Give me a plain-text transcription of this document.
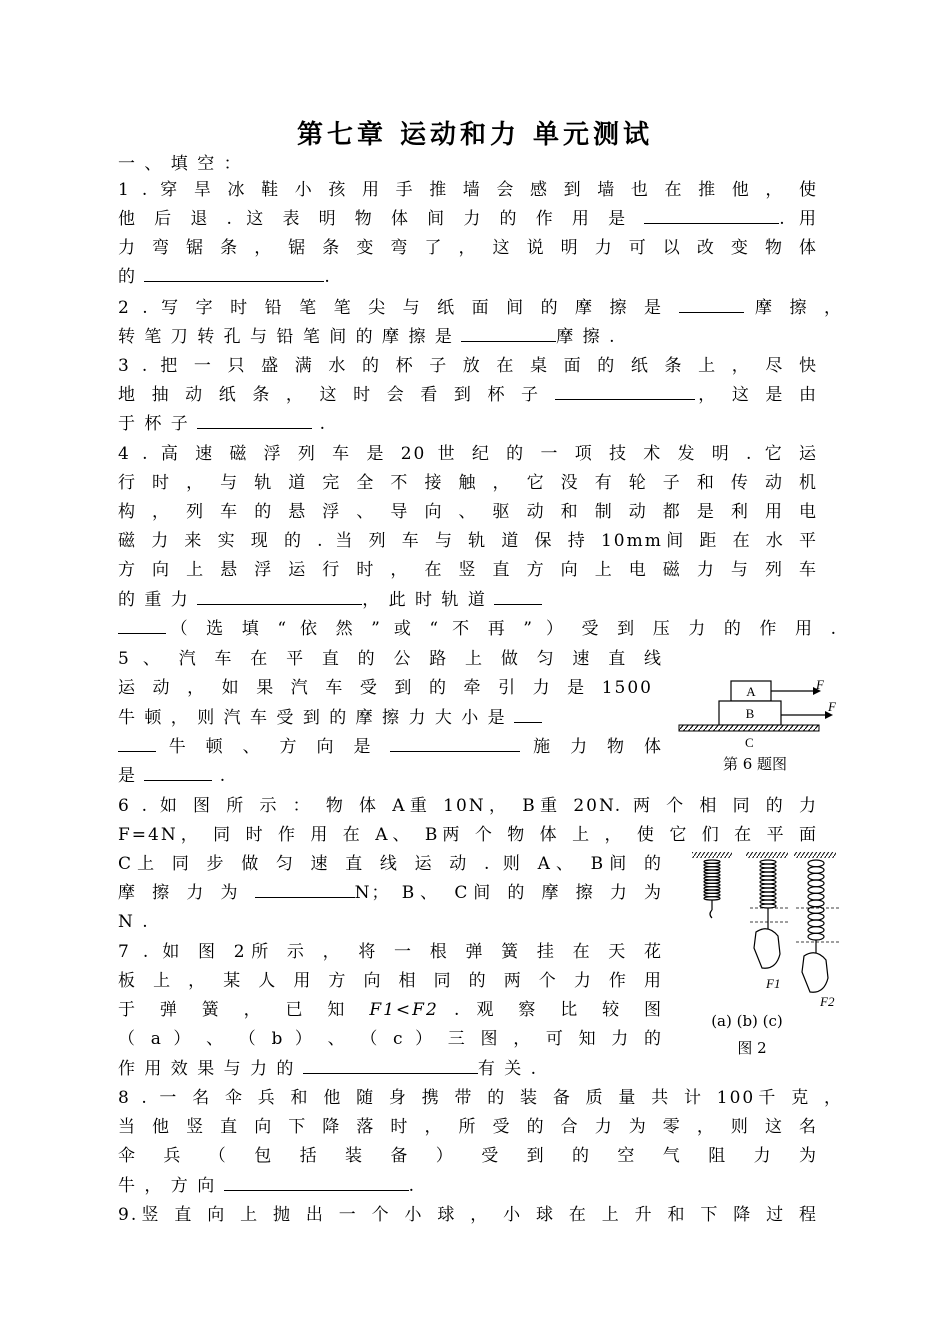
第七章 运动和力 单元测试
一 、 填 空 ：
1 . 穿 旱 冰 鞋 小 孩 用 手 推 墙 会 感 到 墙 也 在 推 他 ， 使
他 后 退 . 这 表 明 物 体 间 力 的 作 用 是	. 用
力 弯 锯 条 ， 锯 条 变 弯 了 ， 这 说 明 力 可 以 改 变 物 体
的	.
2 . 写 字 时 铅 笔 笔 尖 与 纸 面 间 的 摩 擦 是	摩 擦 ，
转 笔 刀 转 孔 与 铅 笔 间 的 摩 擦 是	摩 擦 .
3 . 把 一 只 盛 满 水 的 杯 子 放 在 桌 面 的 纸 条 上 ， 尽 快
地 抽 动 纸 条 ， 这 时 会 看 到 杯 子	， 这 是 由
于 杯 子	.
4 . 高 速 磁 浮 列 车 是 20 世 纪 的 一 项 技 术 发 明 . 它 运
行 时 ， 与 轨 道 完 全 不 接 触 ， 它 没 有 轮 子 和 传 动 机
构 ， 列 车 的 悬 浮 、 导 向 、 驱 动 和 制 动 都 是 利 用 电
磁 力 来 实 现 的 . 当 列 车 与 轨 道 保 持 10mm间 距 在 水 平
方 向 上 悬 浮 运 行 时 ， 在 竖 直 方 向 上 电 磁 力 与 列 车
的 重 力	， 此 时 轨 道
（ 选 填 “ 依 然 ” 或 “ 不 再 ” ） 受 到 压 力 的 作 用 .
5 、 汽 车 在 平 直 的 公 路 上 做 匀 速 直 线
运 动 ， 如 果 汽 车 受 到 的 牵 引 力 是 1500
牛 顿 ， 则 汽 车 受 到 的 摩 擦 力 大 小 是
牛 顿 、 方 向 是	施 力 物 体
是	.
A
B
F
F
C
第 6 题图
6 . 如 图 所 示 ： 物 体 A重 10N， B重 20N. 两 个 相 同 的 力
F=4N， 同 时 作 用 在 A、 B两 个 物 体 上 ， 使 它 们 在 平 面
C上 同 步 做 匀 速 直 线 运 动 . 则 A、 B间 的
摩 擦 力 为	N； B、 C间 的 摩 擦 力 为
N .
F1
F2
(a) (b) (c)
图 2
7 . 如 图 2所 示 ， 将 一 根 弹 簧 挂 在 天 花
板 上 ， 某 人 用 方 向 相 同 的 两 个 力 作 用
于 弹 簧 ， 已 知 F1<F2 . 观 察 比 较 图
（ a ） 、 （ b ） 、 （ c ） 三 图 ， 可 知 力 的
作 用 效 果 与 力 的	有 关 .
8 . 一 名 伞 兵 和 他 随 身 携 带 的 装 备 质 量 共 计 100千 克 ，
当 他 竖 直 向 下 降 落 时 ， 所 受 的 合 力 为 零 ， 则 这 名
伞 兵 （ 包 括 装 备 ） 受 到 的 空 气 阻 力 为
牛 ， 方 向	.
9.竖 直 向 上 抛 出 一 个 小 球 ， 小 球 在 上 升 和 下 降 过 程
